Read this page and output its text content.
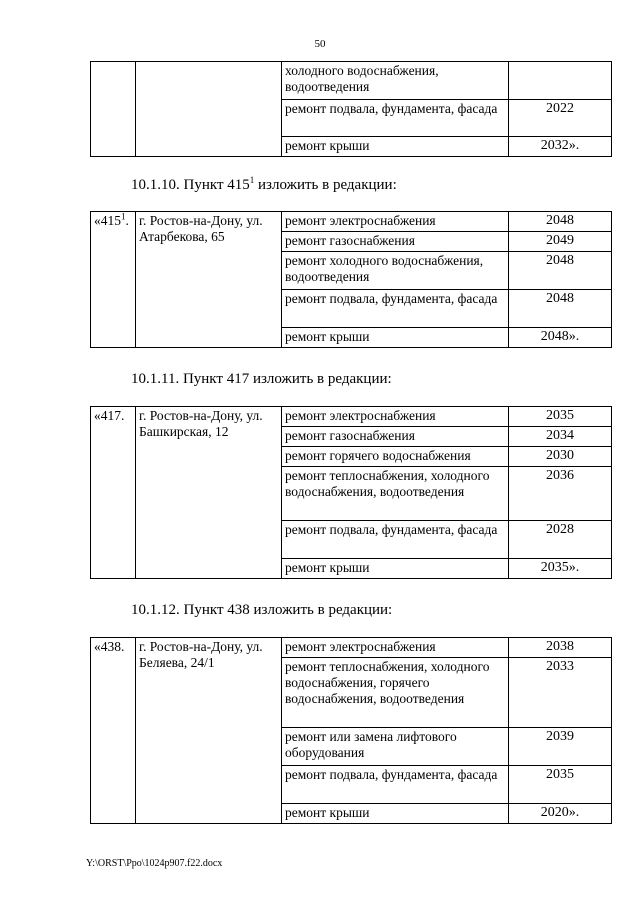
50
		холодного водоснабжения, водоотведения	
		ремонт подвала, фундамента, фасада	2022
		ремонт крыши	2032».
10.1.10. Пункт $415^1$ изложить в редакции:
«$415^1$.	г. Ростов-на-Дону, ул. Атарбекова, 65	ремонт электроснабжения	2048
		ремонт газоснабжения	2049
		ремонт холодного водоснабжения, водоотведения	2048
		ремонт подвала, фундамента, фасада	2048
		ремонт крыши	2048».
10.1.11. Пункт 417 изложить в редакции:
«417.	г. Ростов-на-Дону, ул. Башкирская, 12	ремонт электроснабжения	2035
		ремонт газоснабжения	2034
		ремонт горячего водоснабжения	2030
		ремонт теплоснабжения, холодного водоснабжения, водоотведения	2036
		ремонт подвала, фундамента, фасада	2028
		ремонт крыши	2035».
10.1.12. Пункт 438 изложить в редакции:
«438.	г. Ростов-на-Дону, ул. Беляева, 24/1	ремонт электроснабжения	2038
		ремонт теплоснабжения, холодного водоснабжения, горячего водоснабжения, водоотведения	2033
		ремонт или замена лифтового оборудования	2039
		ремонт подвала, фундамента, фасада	2035
		ремонт крыши	2020».
Y:\ORST\Ppo\1024p907.f22.docx
